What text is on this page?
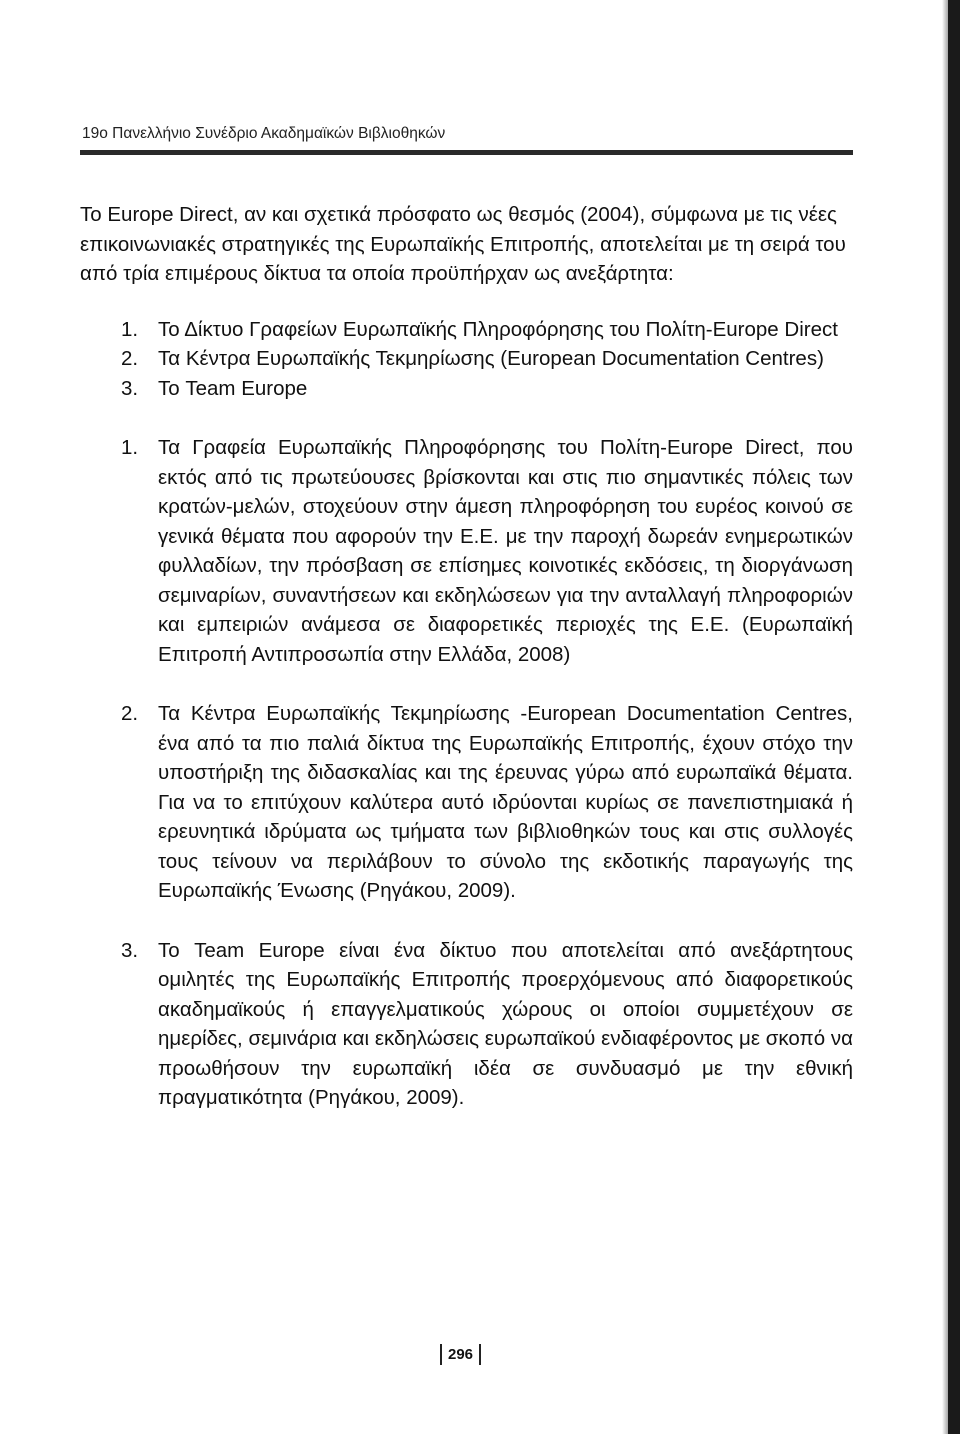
19ο Πανελλήνιο Συνέδριο Ακαδημαϊκών Βιβλιοθηκών

Το Europe Direct, αν και σχετικά πρόσφατο ως θεσμός (2004), σύμφωνα με τις νέες επικοινωνιακές στρατηγικές της Ευρωπαϊκής Επιτροπής, αποτελείται με τη σειρά του από τρία επιμέρους δίκτυα τα οποία προϋπήρχαν ως ανεξάρτητα:

1. Το Δίκτυο Γραφείων Ευρωπαϊκής Πληροφόρησης του Πολίτη-Europe Direct
2. Τα Κέντρα Ευρωπαϊκής Τεκμηρίωσης (European Documentation Centres)
3. Το Team Europe
1. Τα Γραφεία Ευρωπαϊκής Πληροφόρησης του Πολίτη-Europe Direct, που εκτός από τις πρωτεύουσες βρίσκονται και στις πιο σημαντικές πόλεις των κρατών-μελών, στοχεύουν στην άμεση πληροφόρηση του ευρέος κοινού σε γενικά θέματα που αφορούν την Ε.Ε. με την παροχή δωρεάν ενημερωτικών φυλλαδίων, την πρόσβαση σε επίσημες κοινοτικές εκδόσεις, τη διοργάνωση σεμιναρίων, συναντήσεων και εκδηλώσεων για την ανταλλαγή πληροφοριών και εμπειριών ανάμεσα σε διαφορετικές περιοχές της Ε.Ε. (Ευρωπαϊκή Επιτροπή Αντιπροσωπία στην Ελλάδα, 2008)
2. Τα Κέντρα Ευρωπαϊκής Τεκμηρίωσης -European Documentation Centres, ένα από τα πιο παλιά δίκτυα της Ευρωπαϊκής Επιτροπής, έχουν στόχο την υποστήριξη της διδασκαλίας και της έρευνας γύρω από ευρωπαϊκά θέματα. Για να το επιτύχουν καλύτερα αυτό ιδρύονται κυρίως σε πανεπιστημιακά ή ερευνητικά ιδρύματα ως τμήματα των βιβλιοθηκών τους και στις συλλογές τους τείνουν να περιλάβουν το σύνολο της εκδοτικής παραγωγής της Ευρωπαϊκής Ένωσης (Ρηγάκου, 2009).
3. Το Team Europe είναι ένα δίκτυο που αποτελείται από ανεξάρτητους ομιλητές της Ευρωπαϊκής Επιτροπής προερχόμενους από διαφορετικούς ακαδημαϊκούς ή επαγγελματικούς χώρους οι οποίοι συμμετέχουν σε ημερίδες, σεμινάρια και εκδηλώσεις ευρωπαϊκού ενδιαφέροντος με σκοπό να προωθήσουν την ευρωπαϊκή ιδέα σε συνδυασμό με την εθνική πραγματικότητα (Ρηγάκου, 2009).
296
